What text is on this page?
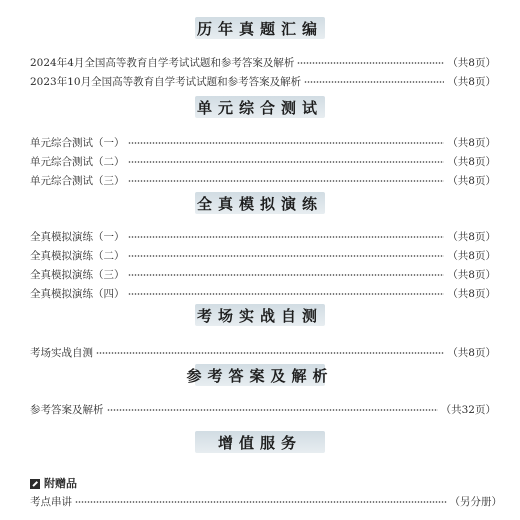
历年真题汇编
2024年4月全国高等教育自学考试试题和参考答案及解析	（共8页）
2023年10月全国高等教育自学考试试题和参考答案及解析	（共8页）
单元综合测试
单元综合测试（一）	（共8页）
单元综合测试（二）	（共8页）
单元综合测试（三）	（共8页）
全真模拟演练
全真模拟演练（一）	（共8页）
全真模拟演练（二）	（共8页）
全真模拟演练（三）	（共8页）
全真模拟演练（四）	（共8页）
考场实战自测
考场实战自测	（共8页）
参考答案及解析
参考答案及解析	（共32页）
增值服务
附赠品
考点串讲	（另分册）
